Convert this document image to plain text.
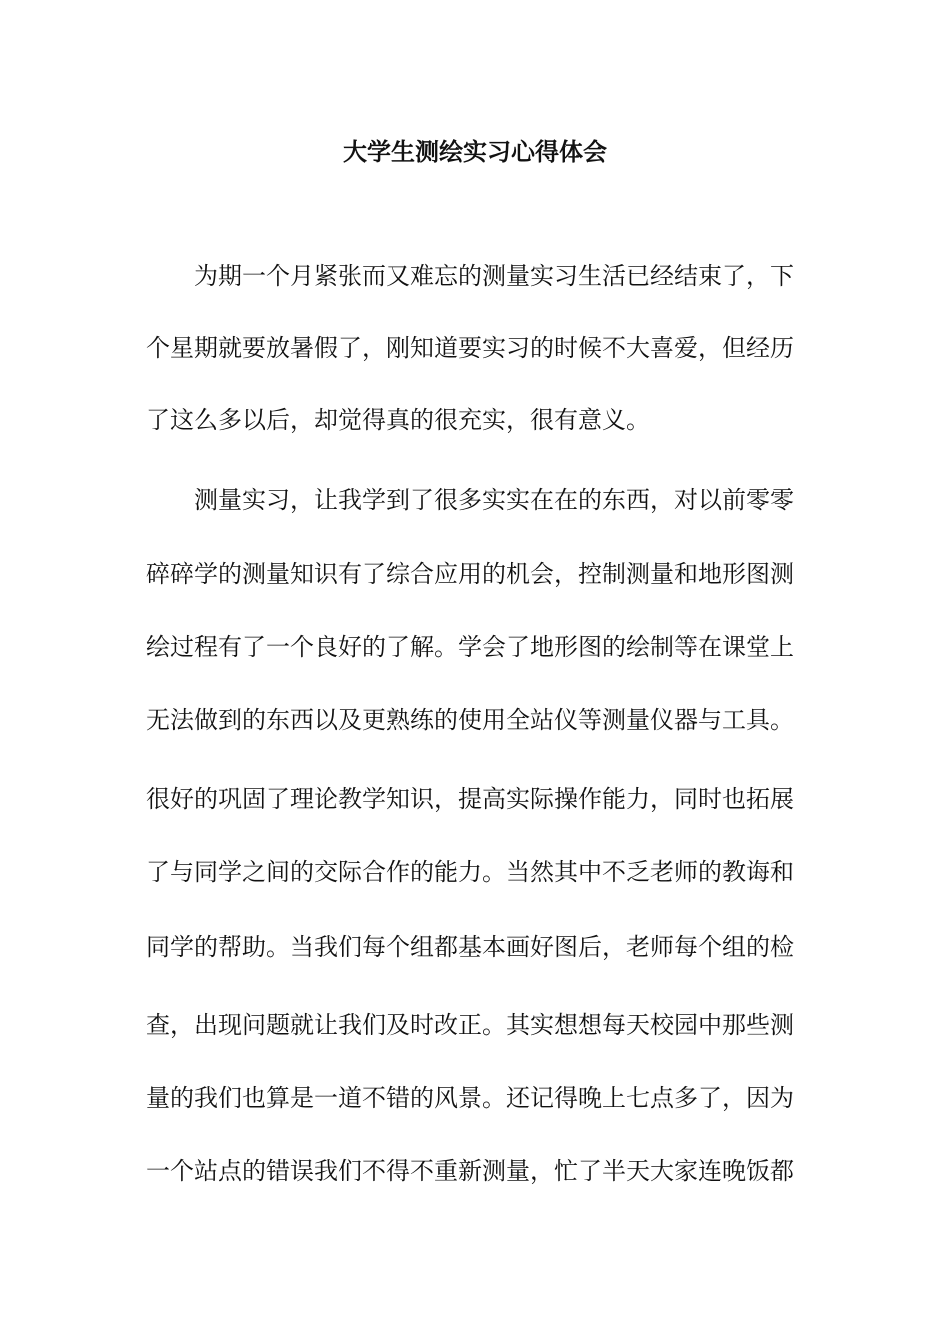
大学生测绘实习心得体会
为期一个月紧张而又难忘的测量实习生活已经结束了，下
个星期就要放暑假了，刚知道要实习的时候不大喜爱，但经历
了这么多以后，却觉得真的很充实，很有意义。
测量实习，让我学到了很多实实在在的东西，对以前零零
碎碎学的测量知识有了综合应用的机会，控制测量和地形图测
绘过程有了一个良好的了解。学会了地形图的绘制等在课堂上
无法做到的东西以及更熟练的使用全站仪等测量仪器与工具。
很好的巩固了理论教学知识，提高实际操作能力，同时也拓展
了与同学之间的交际合作的能力。当然其中不乏老师的教诲和
同学的帮助。当我们每个组都基本画好图后，老师每个组的检
查，出现问题就让我们及时改正。其实想想每天校园中那些测
量的我们也算是一道不错的风景。还记得晚上七点多了，因为
一个站点的错误我们不得不重新测量，忙了半天大家连晚饭都
